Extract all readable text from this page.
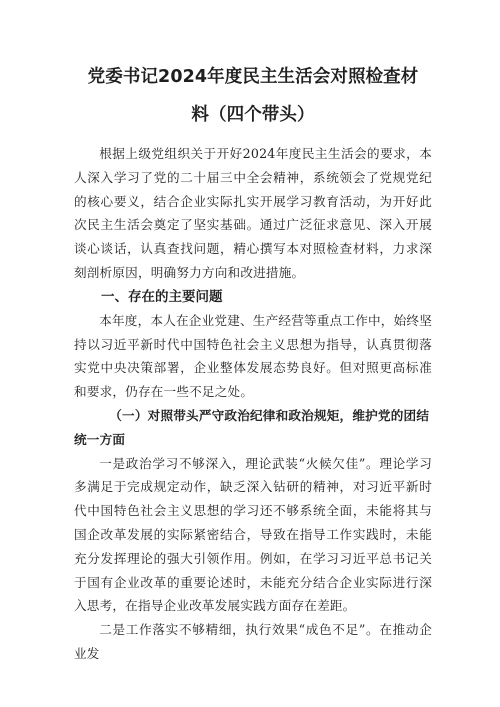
党委书记2024年度民主生活会对照检查材
料（四个带头）

根据上级党组织关于开好2024年度民主生活会的要求，本人深入学习了党的二十届三中全会精神，系统领会了党规党纪的核心要义，结合企业实际扎实开展学习教育活动，为开好此次民主生活会奠定了坚实基础。通过广泛征求意见、深入开展谈心谈话，认真查找问题，精心撰写本对照检查材料，力求深刻剖析原因，明确努力方向和改进措施。

一、存在的主要问题

本年度，本人在企业党建、生产经营等重点工作中，始终坚持以习近平新时代中国特色社会主义思想为指导，认真贯彻落实党中央决策部署，企业整体发展态势良好。但对照更高标准和要求，仍存在一些不足之处。

（一）对照带头严守政治纪律和政治规矩，维护党的团结统一方面

一是政治学习不够深入，理论武装“火候欠佳”。理论学习多满足于完成规定动作，缺乏深入钻研的精神，对习近平新时代中国特色社会主义思想的学习还不够系统全面，未能将其与国企改革发展的实际紧密结合，导致在指导工作实践时，未能充分发挥理论的强大引领作用。例如，在学习习近平总书记关于国有企业改革的重要论述时，未能充分结合企业实际进行深入思考，在指导企业改革发展实践方面存在差距。

二是工作落实不够精细，执行效果“成色不足”。在推动企业发
